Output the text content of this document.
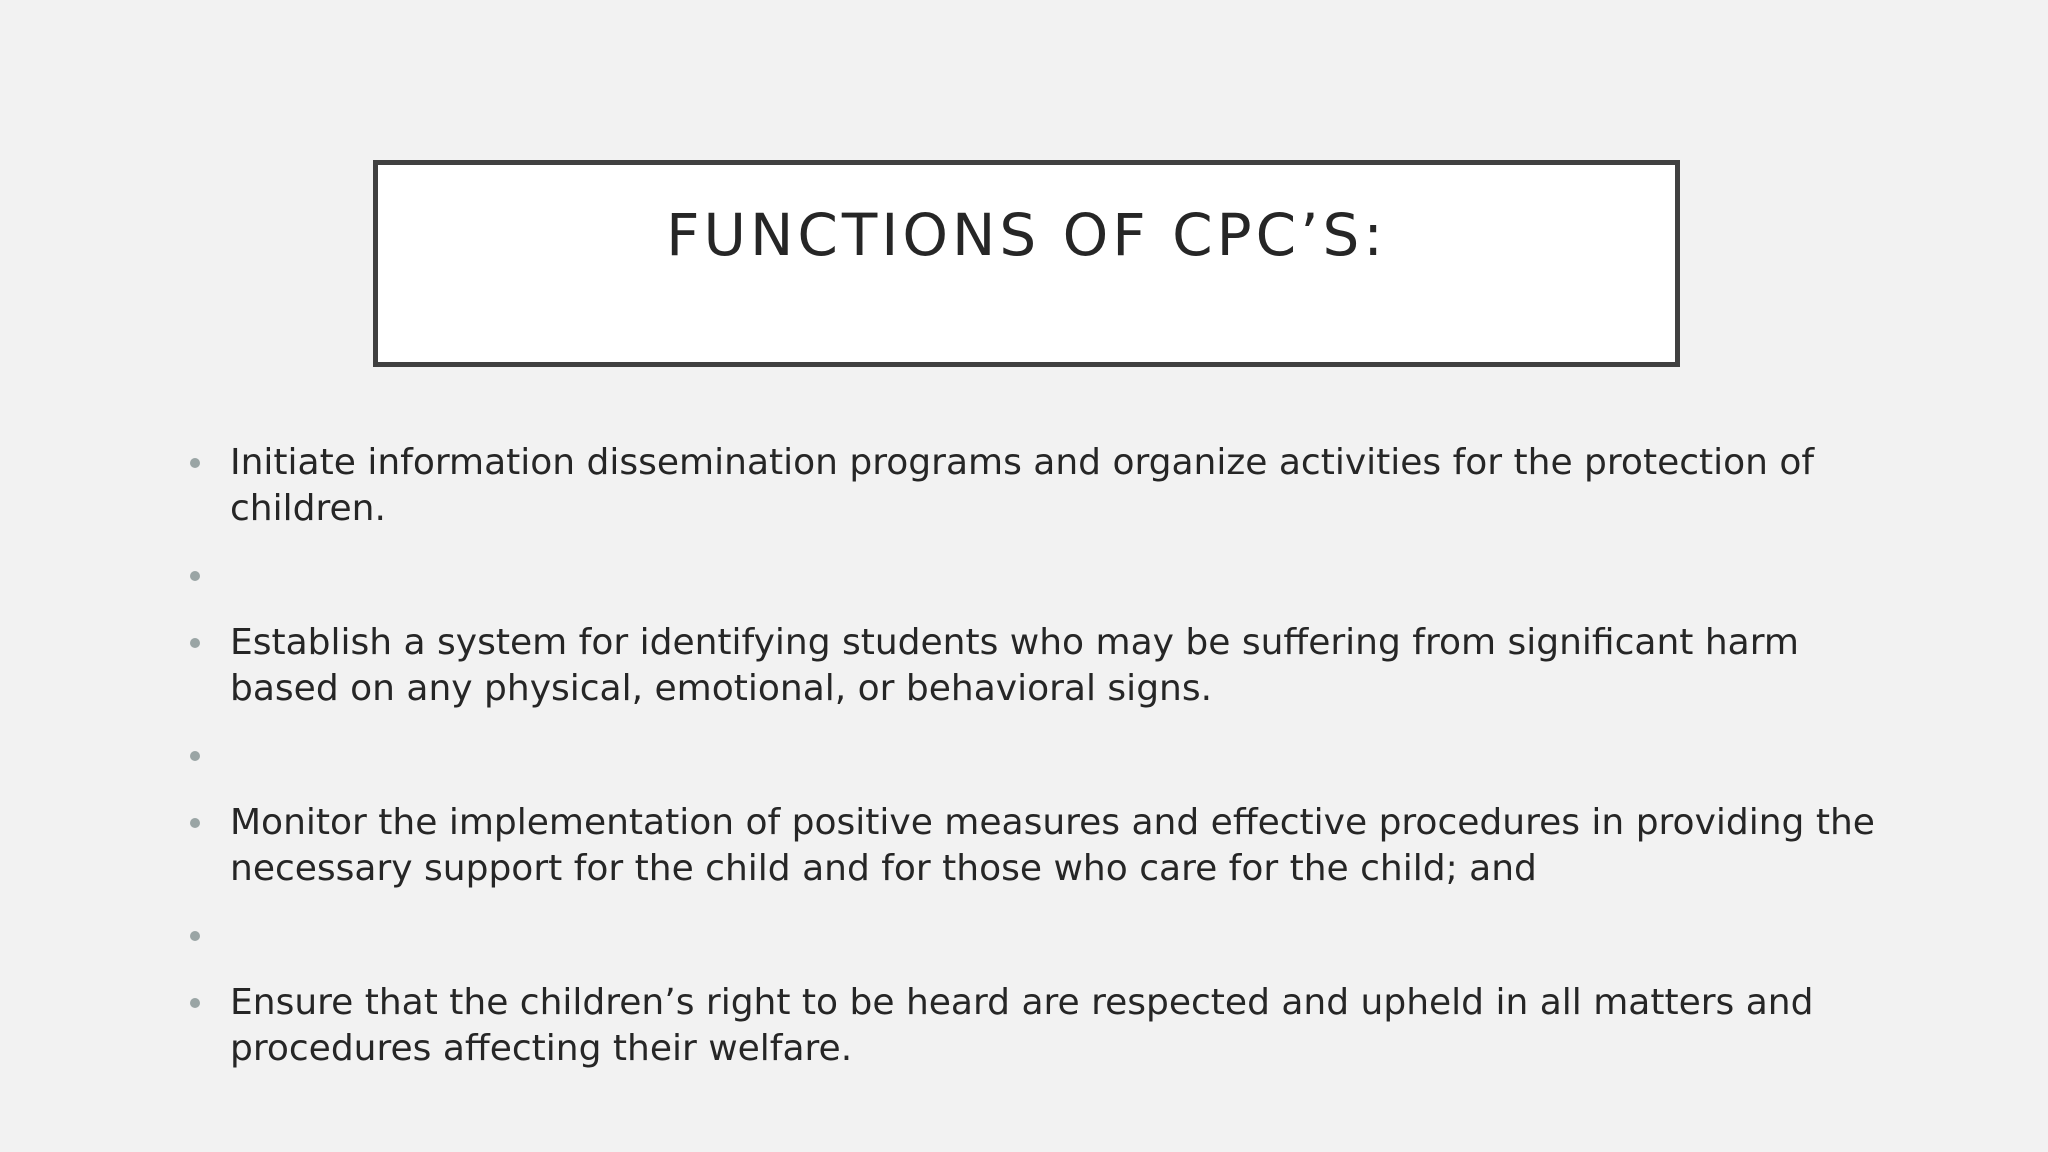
FUNCTIONS OF CPC’S:
Initiate information dissemination programs and organize activities for the protection of children.
Establish a system for identifying students who may be suffering from significant harm based on any physical, emotional, or behavioral signs.
Monitor the implementation of positive measures and effective procedures in providing the necessary support for the child and for those who care for the child; and
Ensure that the children’s right to be heard are respected and upheld in all matters and procedures affecting their welfare.
